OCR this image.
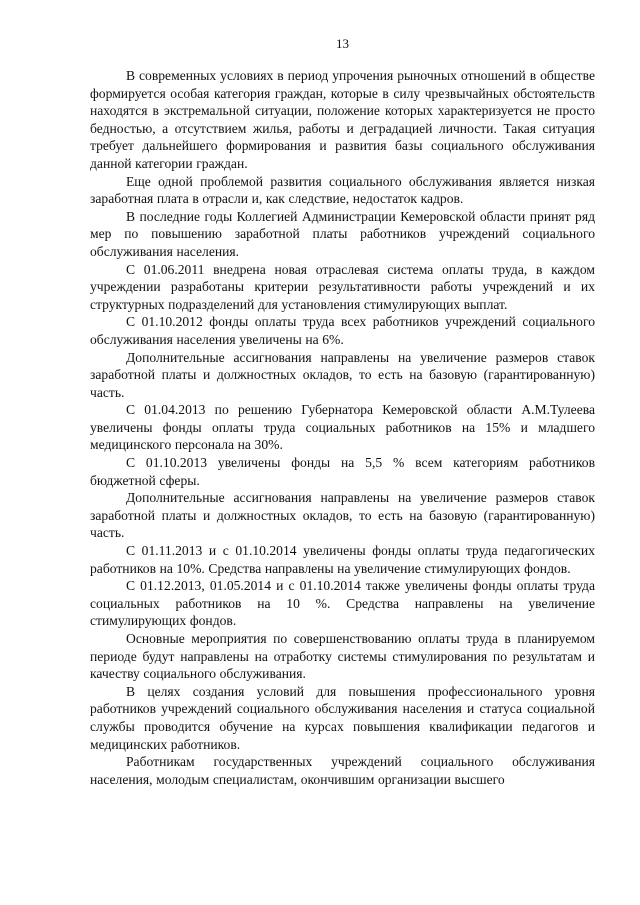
13

В современных условиях в период упрочения рыночных отношений в обществе формируется особая категория граждан, которые в силу чрезвычайных обстоятельств находятся в экстремальной ситуации, положение которых характеризуется не просто бедностью, а отсутствием жилья, работы и деградацией личности. Такая ситуация требует дальнейшего формирования и развития базы социального обслуживания данной категории граждан.

Еще одной проблемой развития социального обслуживания является низкая заработная плата в отрасли и, как следствие, недостаток кадров.

В последние годы Коллегией Администрации Кемеровской области принят ряд мер по повышению заработной платы работников учреждений социального обслуживания населения.

С 01.06.2011 внедрена новая отраслевая система оплаты труда, в каждом учреждении разработаны критерии результативности работы учреждений и их структурных подразделений для установления стимулирующих выплат.

С 01.10.2012 фонды оплаты труда всех работников учреждений социального обслуживания населения увеличены на 6%.

Дополнительные ассигнования направлены на увеличение размеров ставок заработной платы и должностных окладов, то есть на базовую (гарантированную) часть.

С 01.04.2013 по решению Губернатора Кемеровской области А.М.Тулеева увеличены фонды оплаты труда социальных работников на 15% и младшего медицинского персонала на 30%.

С 01.10.2013 увеличены фонды на 5,5 % всем категориям работников бюджетной сферы.

Дополнительные ассигнования направлены на увеличение размеров ставок заработной платы и должностных окладов, то есть на базовую (гарантированную) часть.

С 01.11.2013 и с 01.10.2014 увеличены фонды оплаты труда педагогических работников на 10%. Средства направлены на увеличение стимулирующих фондов.

С 01.12.2013, 01.05.2014 и с 01.10.2014 также увеличены фонды оплаты труда социальных работников на 10 %. Средства направлены на увеличение стимулирующих фондов.

Основные мероприятия по совершенствованию оплаты труда в планируемом периоде будут направлены на отработку системы стимулирования по результатам и качеству социального обслуживания.

В целях создания условий для повышения профессионального уровня работников учреждений социального обслуживания населения и статуса социальной службы проводится обучение на курсах повышения квалификации педагогов и медицинских работников.

Работникам государственных учреждений социального обслуживания населения, молодым специалистам, окончившим организации высшего
